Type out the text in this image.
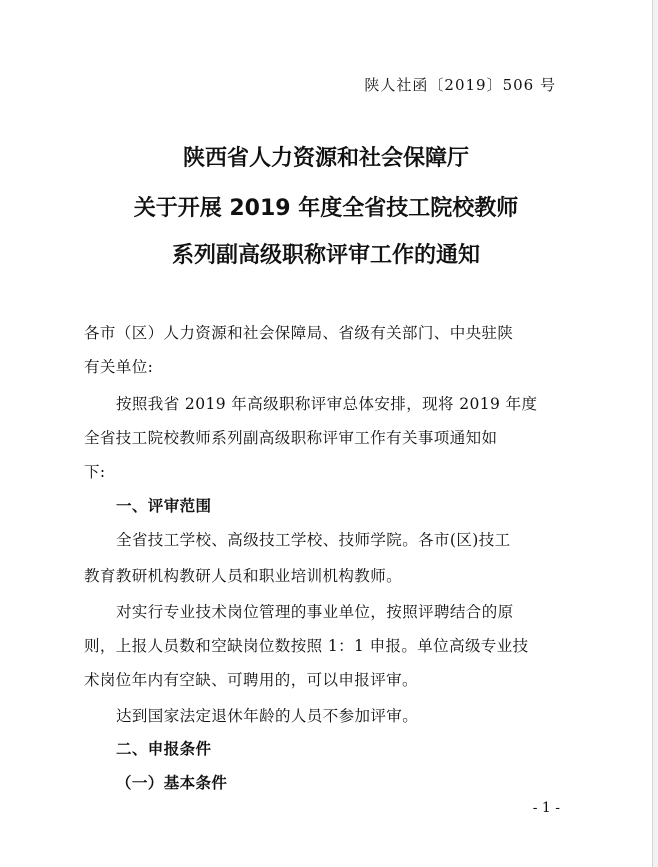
陕人社函〔2019〕506 号
陕西省人力资源和社会保障厅
关于开展 2019 年度全省技工院校教师
系列副高级职称评审工作的通知
各市（区）人力资源和社会保障局、省级有关部门、中央驻陕
有关单位:
按照我省 2019 年高级职称评审总体安排，现将 2019 年度
全省技工院校教师系列副高级职称评审工作有关事项通知如
下:
一、评审范围
全省技工学校、高级技工学校、技师学院。各市(区)技工
教育教研机构教研人员和职业培训机构教师。
对实行专业技术岗位管理的事业单位，按照评聘结合的原
则，上报人员数和空缺岗位数按照 1：1 申报。单位高级专业技
术岗位年内有空缺、可聘用的，可以申报评审。
达到国家法定退休年龄的人员不参加评审。
二、申报条件
（一）基本条件
- 1 -
